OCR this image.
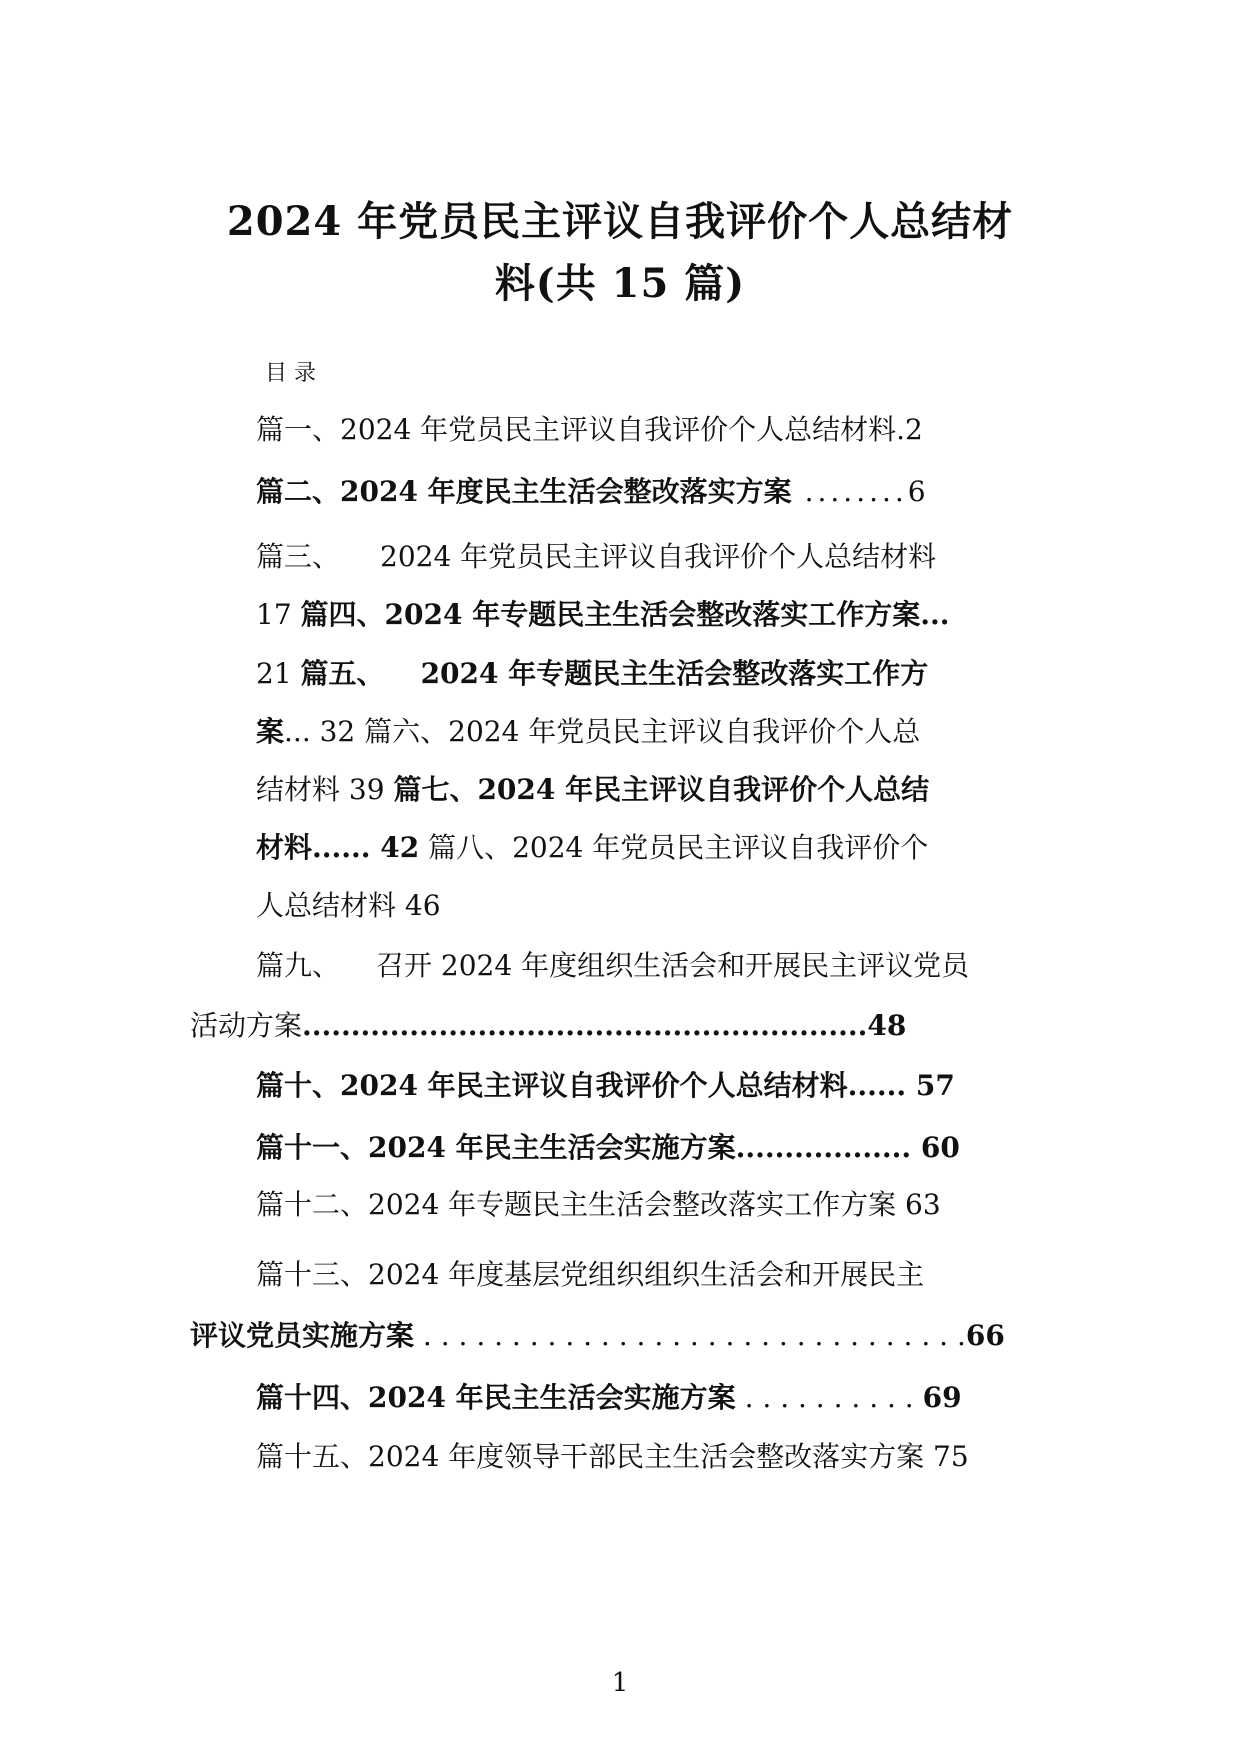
2024 年党员民主评议自我评价个人总结材
料(共 15 篇)
目 录
篇一、2024 年党员民主评议自我评价个人总结材料.2
篇二、2024 年度民主生活会整改落实方案 ........6
篇三、 2024 年党员民主评议自我评价个人总结材料
17 篇四、2024 年专题民主生活会整改落实工作方案...
21 篇五、 2024 年专题民主生活会整改落实工作方
案... 32 篇六、2024 年党员民主评议自我评价个人总
结材料 39 篇七、2024 年民主评议自我评价个人总结
材料...... 42 篇八、2024 年党员民主评议自我评价个
人总结材料 46
篇九、 召开 2024 年度组织生活会和开展民主评议党员
活动方案..........................................................48
篇十、2024 年民主评议自我评价个人总结材料...... 57
篇十一、2024 年民主生活会实施方案.................. 60
篇十二、2024 年专题民主生活会整改落实工作方案 63
篇十三、2024 年度基层党组织组织生活会和开展民主
评议党员实施方案 . . . . . . . . . . . . . . . . . . . . . . . . . . . . . . .66
篇十四、2024 年民主生活会实施方案 . . . . . . . . . . 69
篇十五、2024 年度领导干部民主生活会整改落实方案 75
1
